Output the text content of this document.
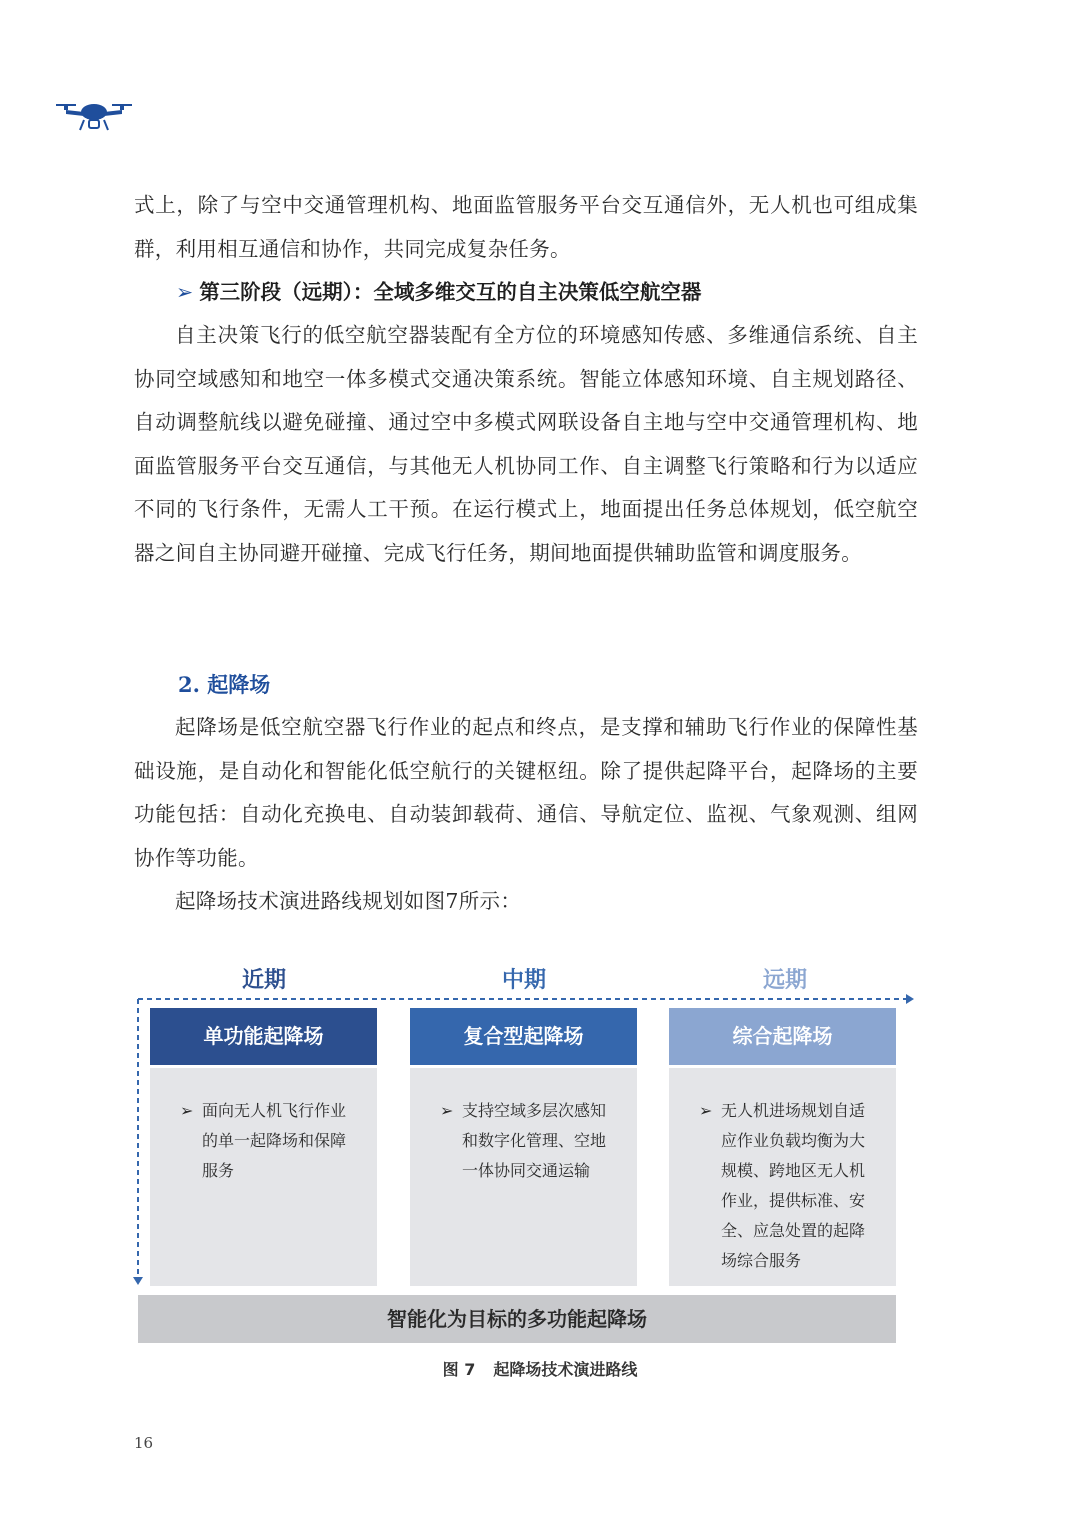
式上，除了与空中交通管理机构、地面监管服务平台交互通信外，无人机也可组成集群，利用相互通信和协作，共同完成复杂任务。

➢ 第三阶段（远期）：全域多维交互的自主决策低空航空器

自主决策飞行的低空航空器装配有全方位的环境感知传感、多维通信系统、自主协同空域感知和地空一体多模式交通决策系统。智能立体感知环境、自主规划路径、自动调整航线以避免碰撞、通过空中多模式网联设备自主地与空中交通管理机构、地面监管服务平台交互通信，与其他无人机协同工作、自主调整飞行策略和行为以适应不同的飞行条件，无需人工干预。在运行模式上，地面提出任务总体规划，低空航空器之间自主协同避开碰撞、完成飞行任务，期间地面提供辅助监管和调度服务。

2. 起降场

起降场是低空航空器飞行作业的起点和终点，是支撑和辅助飞行作业的保障性基础设施，是自动化和智能化低空航行的关键枢纽。除了提供起降平台，起降场的主要功能包括：自动化充换电、自动装卸载荷、通信、导航定位、监视、气象观测、组网协作等功能。

起降场技术演进路线规划如图7所示：

近期	中期	远期
单功能起降场
➢ 面向无人机飞行作业的单一起降场和保障服务
复合型起降场
➢ 支持空域多层次感知和数字化管理、空地一体协同交通运输
综合起降场
➢ 无人机进场规划自适应作业负载均衡为大规模、跨地区无人机作业，提供标准、安全、应急处置的起降场综合服务
智能化为目标的多功能起降场
图 7 起降场技术演进路线
16
